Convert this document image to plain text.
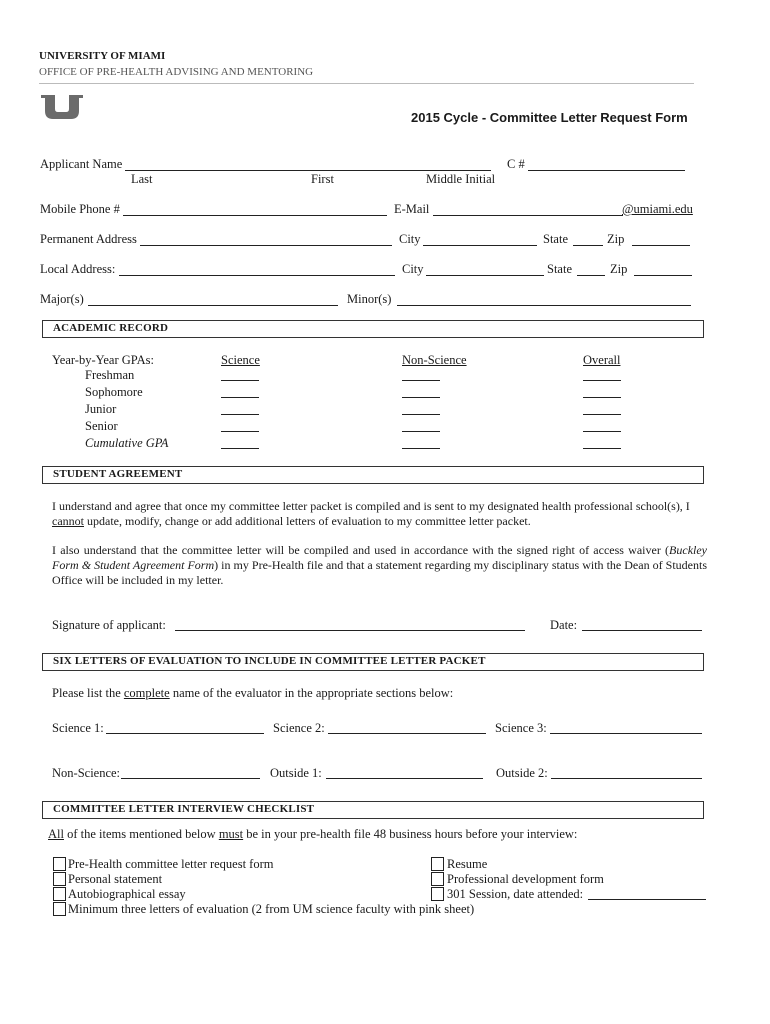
UNIVERSITY OF MIAMI
OFFICE OF PRE-HEALTH ADVISING AND MENTORING
2015 Cycle - Committee Letter Request Form
Applicant Name	C #
Last	First	Middle Initial
Mobile Phone #	E-Mail	@umiami.edu
Permanent Address	City	State	Zip
Local Address:	City	State	Zip
Major(s)	Minor(s)
ACADEMIC RECORD
Year-by-Year GPAs:	Science	Non-Science	Overall
Freshman
Sophomore
Junior
Senior
Cumulative GPA
STUDENT AGREEMENT
I understand and agree that once my committee letter packet is compiled and is sent to my designated health professional school(s), I cannot update, modify, change or add additional letters of evaluation to my committee letter packet.
I also understand that the committee letter will be compiled and used in accordance with the signed right of access waiver (Buckley Form & Student Agreement Form) in my Pre-Health file and that a statement regarding my disciplinary status with the Dean of Students Office will be included in my letter.
Signature of applicant:	Date:
SIX LETTERS OF EVALUATION TO INCLUDE IN COMMITTEE LETTER PACKET
Please list the complete name of the evaluator in the appropriate sections below:
Science 1:	Science 2:	Science 3:
Non-Science:	Outside 1:	Outside 2:
COMMITTEE LETTER INTERVIEW CHECKLIST
All of the items mentioned below must be in your pre-health file 48 business hours before your interview:
Pre-Health committee letter request form
Personal statement
Autobiographical essay
Minimum three letters of evaluation (2 from UM science faculty with pink sheet)
Resume
Professional development form
301 Session, date attended:
